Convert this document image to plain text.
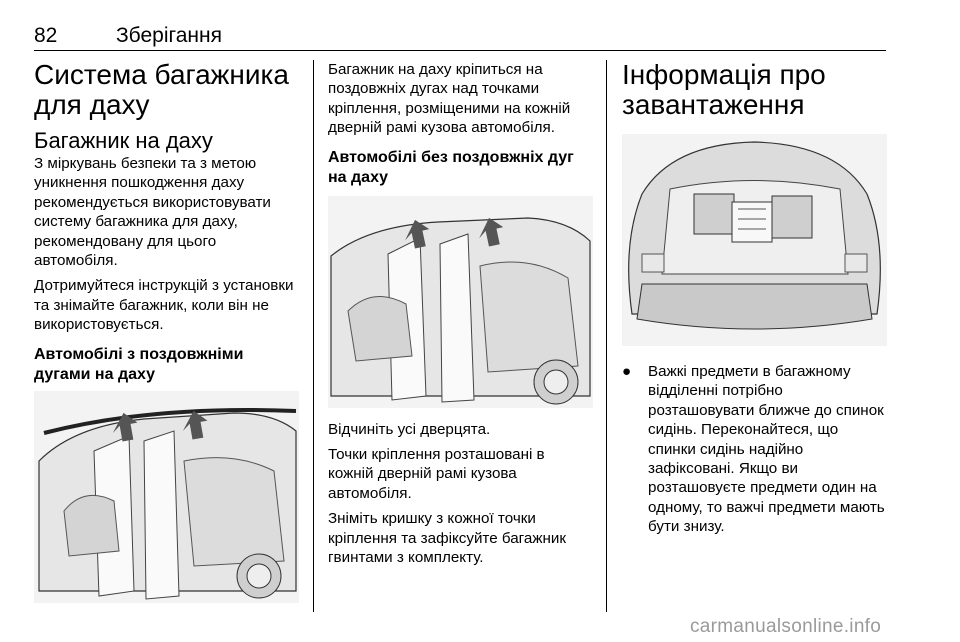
82	Зберігання
Система багажника для даху
Багажник на даху

З міркувань безпеки та з метою уникнення пошкодження даху рекомендується використовувати систему багажника для даху, рекомендовану для цього автомобіля.

Дотримуйтеся інструкцій з установки та знімайте багажник, коли він не використовується.

Автомобілі з поздовжніми дугами на даху

Багажник на даху кріпиться на поздовжніх дугах над точками кріплення, розміщеними на кожній дверній рамі кузова автомобіля.

Автомобілі без поздовжніх дуг на даху

Відчиніть усі дверцята.

Точки кріплення розташовані в кожній дверній рамі кузова автомобіля.

Зніміть кришку з кожної точки кріплення та зафіксуйте багажник гвинтами з комплекту.

Інформація про завантаження
●	Важкі предмети в багажному відділенні потрібно розташовувати ближче до спинок сидінь. Переконайтеся, що спинки сидінь надійно зафіксовані. Якщо ви розташовуєте предмети один на одному, то важчі предмети мають бути знизу.
carmanualsonline.info
